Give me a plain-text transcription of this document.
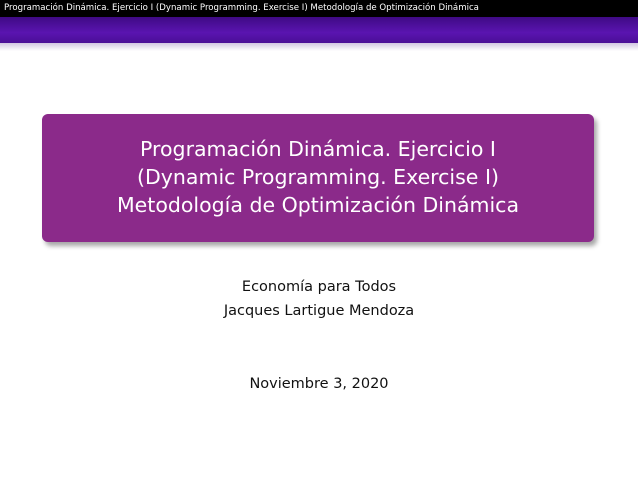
Programación Dinámica. Ejercicio I (Dynamic Programming. Exercise I) Metodología de Optimización Dinámica
Programación Dinámica. Ejercicio I
(Dynamic Programming. Exercise I)
Metodología de Optimización Dinámica
Economía para Todos
Jacques Lartigue Mendoza
Noviembre 3, 2020
